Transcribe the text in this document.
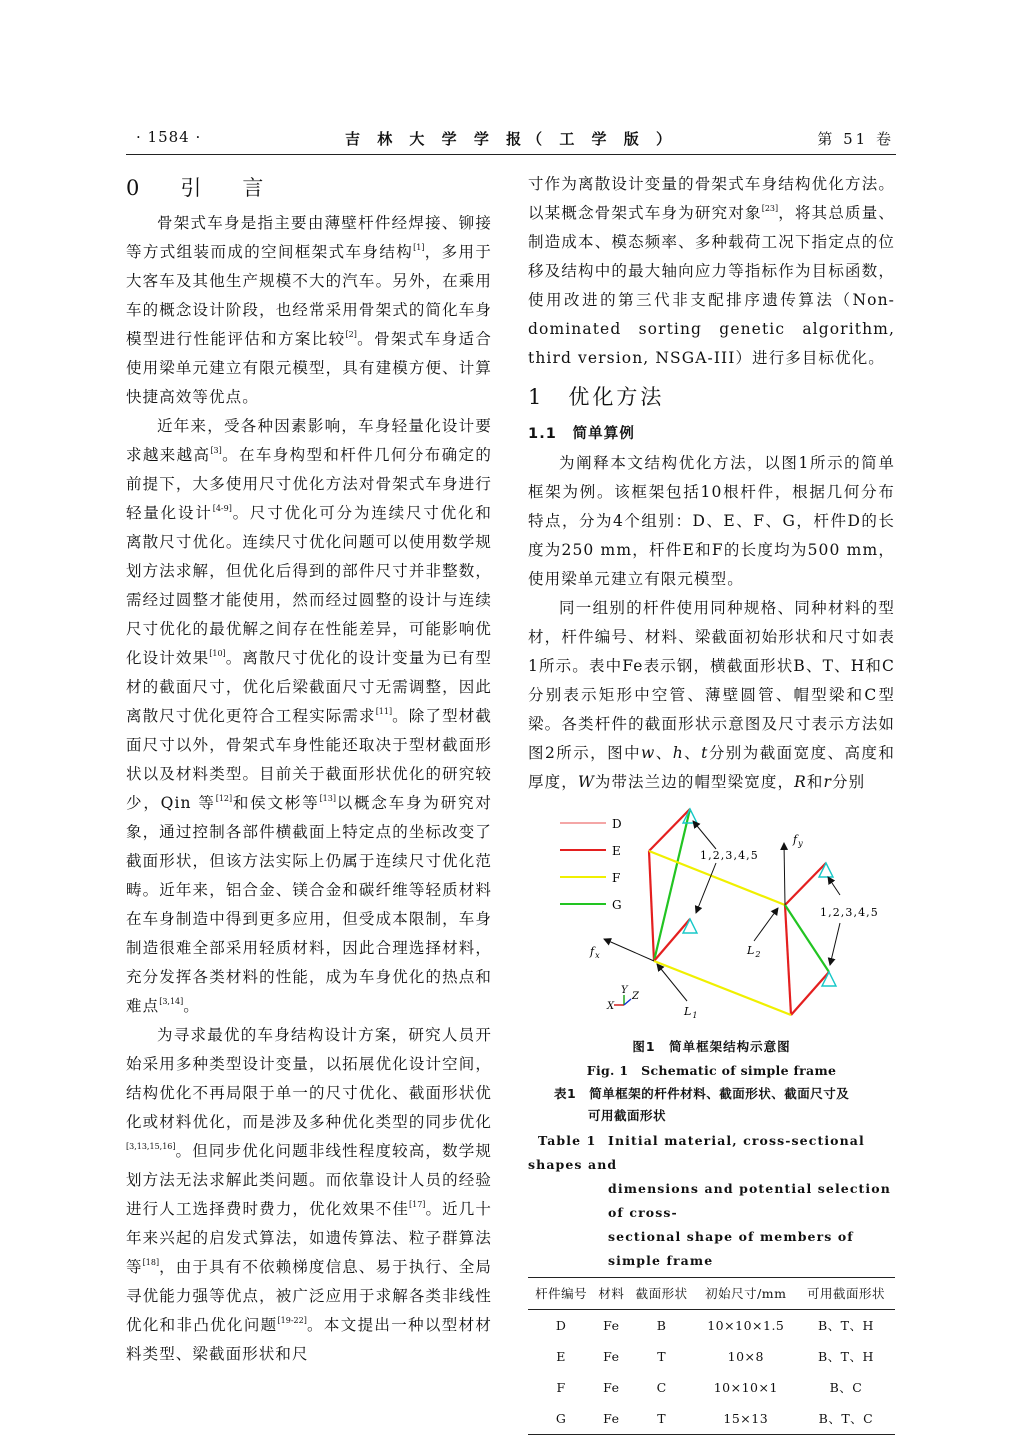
· 1584 ·	吉 林 大 学 学 报（ 工 学 版 ）	第 51 卷
0　引　言

骨架式车身是指主要由薄壁杆件经焊接、铆接等方式组装而成的空间框架式车身结构[1]，多用于大客车及其他生产规模不大的汽车。另外，在乘用车的概念设计阶段，也经常采用骨架式的简化车身模型进行性能评估和方案比较[2]。骨架式车身适合使用梁单元建立有限元模型，具有建模方便、计算快捷高效等优点。

近年来，受各种因素影响，车身轻量化设计要求越来越高[3]。在车身构型和杆件几何分布确定的前提下，大多使用尺寸优化方法对骨架式车身进行轻量化设计[4-9]。尺寸优化可分为连续尺寸优化和离散尺寸优化。连续尺寸优化问题可以使用数学规划方法求解，但优化后得到的部件尺寸并非整数，需经过圆整才能使用，然而经过圆整的设计与连续尺寸优化的最优解之间存在性能差异，可能影响优化设计效果[10]。离散尺寸优化的设计变量为已有型材的截面尺寸，优化后梁截面尺寸无需调整，因此离散尺寸优化更符合工程实际需求[11]。除了型材截面尺寸以外，骨架式车身性能还取决于型材截面形状以及材料类型。目前关于截面形状优化的研究较少，Qin 等[12]和侯文彬等[13]以概念车身为研究对象，通过控制各部件横截面上特定点的坐标改变了截面形状，但该方法实际上仍属于连续尺寸优化范畴。近年来，铝合金、镁合金和碳纤维等轻质材料在车身制造中得到更多应用，但受成本限制，车身制造很难全部采用轻质材料，因此合理选择材料，充分发挥各类材料的性能，成为车身优化的热点和难点[3,14]。

为寻求最优的车身结构设计方案，研究人员开始采用多种类型设计变量，以拓展优化设计空间，结构优化不再局限于单一的尺寸优化、截面形状优化或材料优化，而是涉及多种优化类型的同步优化[3,13,15,16]。但同步优化问题非线性程度较高，数学规划方法无法求解此类问题。而依靠设计人员的经验进行人工选择费时费力，优化效果不佳[17]。近几十年来兴起的启发式算法，如遗传算法、粒子群算法等[18]，由于具有不依赖梯度信息、易于执行、全局寻优能力强等优点，被广泛应用于求解各类非线性优化和非凸优化问题[19-22]。本文提出一种以型材材料类型、梁截面形状和尺

寸作为离散设计变量的骨架式车身结构优化方法。以某概念骨架式车身为研究对象[23]，将其总质量、制造成本、模态频率、多种载荷工况下指定点的位移及结构中的最大轴向应力等指标作为目标函数，使用改进的第三代非支配排序遗传算法（Non-dominated sorting genetic algorithm, third version, NSGA-III）进行多目标优化。

1　优化方法
1.1　简单算例

为阐释本文结构优化方法，以图1所示的简单框架为例。该框架包括10根杆件，根据几何分布特点，分为4个组别：D、E、F、G，杆件D的长度为250 mm，杆件E和F的长度均为500 mm，使用梁单元建立有限元模型。

同一组别的杆件使用同种规格、同种材料的型材，杆件编号、材料、梁截面初始形状和尺寸如表1所示。表中Fe表示钢，横截面形状B、T、H和C分别表示矩形中空管、薄壁圆管、帽型梁和C型梁。各类杆件的截面形状示意图及尺寸表示方法如图2所示，图中w、h、t分别为截面宽度、高度和厚度，W为带法兰边的帽型梁宽度，R和r分别

D
E
F
G
1,2,3,4,5
1,2,3,4,5
$f_y$
$f_x$	$L_2$
$L_1$
X
Y
Z
图1　简单框架结构示意图
Fig. 1　Schematic of simple frame
表1　简单框架的杆件材料、截面形状、截面尺寸及
可用截面形状
Table 1 Initial material, cross-sectional shapes and
dimensions and potential selection of cross-
sectional shape of members of simple frame
杆件编号	材料	截面形状	初始尺寸/mm	可用截面形状
D	Fe	B	10×10×1.5	B、T、H
E	Fe	T	10×8	B、T、H
F	Fe	C	10×10×1	B、C
G	Fe	T	15×13	B、T、C
